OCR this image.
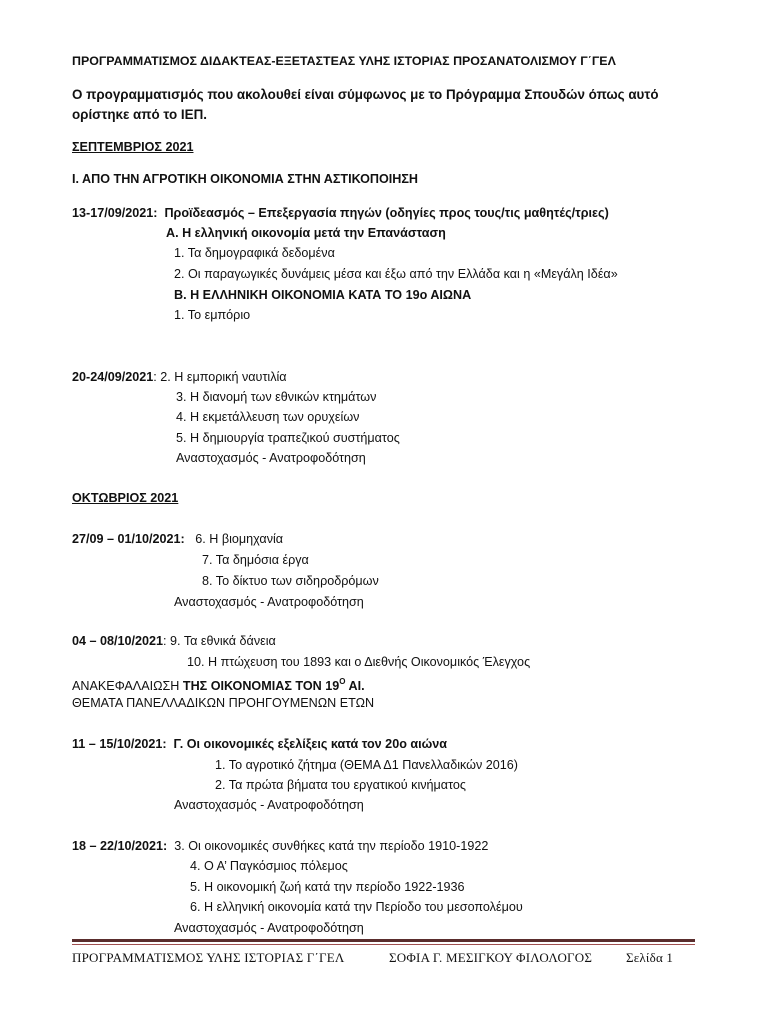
ΠΡΟΓΡΑΜΜΑΤΙΣΜΟΣ ΔΙΔΑΚΤΕΑΣ-ΕΞΕΤΑΣΤΕΑΣ ΥΛΗΣ ΙΣΤΟΡΙΑΣ ΠΡΟΣΑΝΑΤΟΛΙΣΜΟΥ Γ΄ΓΕΛ
Ο προγραμματισμός που ακολουθεί είναι σύμφωνος με το Πρόγραμμα Σπουδών όπως αυτό
ορίστηκε από το ΙΕΠ.
ΣΕΠΤΕΜΒΡΙΟΣ 2021
Ι. ΑΠΟ ΤΗΝ ΑΓΡΟΤΙΚΗ ΟΙΚΟΝΟΜΙΑ ΣΤΗΝ ΑΣΤΙΚΟΠΟΙΗΣΗ
13-17/09/2021: Προϊδεασμός – Επεξεργασία πηγών (οδηγίες προς τους/τις μαθητές/τριες)
Α. Η ελληνική οικονομία μετά την Επανάσταση
1. Τα δημογραφικά δεδομένα
2. Οι παραγωγικές δυνάμεις μέσα και έξω από την Ελλάδα και η «Μεγάλη Ιδέα»
Β. Η ΕΛΛΗΝΙΚΗ ΟΙΚΟΝΟΜΙΑ ΚΑΤΑ ΤΟ 19ο ΑΙΩΝΑ
1. Το εμπόριο
20-24/09/2021: 2. Η εμπορική ναυτιλία
3. Η διανομή των εθνικών κτημάτων
4. Η εκμετάλλευση των ορυχείων
5. Η δημιουργία τραπεζικού συστήματος
Αναστοχασμός - Ανατροφοδότηση
ΟΚΤΩΒΡΙΟΣ 2021
27/09 – 01/10/2021: 6. Η βιομηχανία
7. Τα δημόσια έργα
8. Το δίκτυο των σιδηροδρόμων
Αναστοχασμός - Ανατροφοδότηση
04 – 08/10/2021: 9. Τα εθνικά δάνεια
10. Η πτώχευση του 1893 και ο Διεθνής Οικονομικός Έλεγχος
ΑΝΑΚΕΦΑΛΑΙΩΣΗ ΤΗΣ ΟΙΚΟΝΟΜΙΑΣ ΤΟΝ $19^O$ ΑΙ.
ΘΕΜΑΤΑ ΠΑΝΕΛΛΑΔΙΚΩΝ ΠΡΟΗΓΟΥΜΕΝΩΝ ΕΤΩΝ
11 – 15/10/2021: Γ. Οι οικονομικές εξελίξεις κατά τον 20ο αιώνα
1. Το αγροτικό ζήτημα (ΘΕΜΑ Δ1 Πανελλαδικών 2016)
2. Τα πρώτα βήματα του εργατικού κινήματος
Αναστοχασμός - Ανατροφοδότηση
18 – 22/10/2021: 3. Οι οικονομικές συνθήκες κατά την περίοδο 1910-1922
4. Ο Α’ Παγκόσμιος πόλεμος
5. Η οικονομική ζωή κατά την περίοδο 1922-1936
6. Η ελληνική οικονομία κατά την Περίοδο του μεσοπολέμου
Αναστοχασμός - Ανατροφοδότηση
ΠΡΟΓΡΑΜΜΑΤΙΣΜΟΣ ΥΛΗΣ ΙΣΤΟΡΙΑΣ Γ΄ΓΕΛ	ΣΟΦΙΑ Γ. ΜΕΣΙΓΚΟΥ ΦΙΛΟΛΟΓΟΣ	Σελίδα 1
